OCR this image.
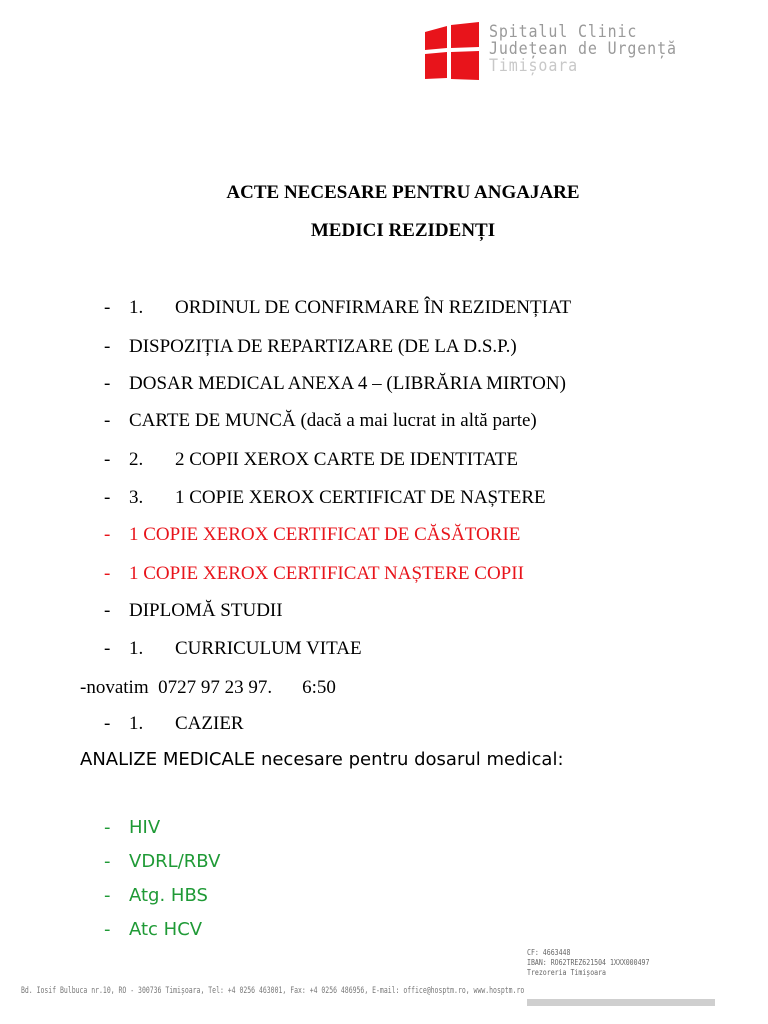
Spitalul Clinic
Județean de Urgență
Timișoara
ACTE NECESARE PENTRU ANGAJARE
MEDICI REZIDENȚI
- 1. ORDINUL DE CONFIRMARE ÎN REZIDENȚIAT
- DISPOZIȚIA DE REPARTIZARE (DE LA D.S.P.)
- DOSAR MEDICAL ANEXA 4 – (LIBRĂRIA MIRTON)
- CARTE DE MUNCĂ (dacă a mai lucrat in altă parte)
- 2. 2 COPII XEROX CARTE DE IDENTITATE
- 3. 1 COPIE XEROX CERTIFICAT DE NAȘTERE
- 1 COPIE XEROX CERTIFICAT DE CĂSĂTORIE
- 1 COPIE XEROX CERTIFICAT NAȘTERE COPII
- DIPLOMĂ STUDII
- 1. CURRICULUM VITAE
-novatim 0727 97 23 97. 6:50
- 1. CAZIER
ANALIZE MEDICALE necesare pentru dosarul medical:
- HIV
- VDRL/RBV
- Atg. HBS
- Atc HCV
CF: 4663448
IBAN: RO62TREZ621504 1XXX000497
Trezoreria Timișoara
Bd. Iosif Bulbuca nr.10, RO - 300736 Timișoara, Tel: +4 0256 463001, Fax: +4 0256 486956, E-mail: office@hosptm.ro, www.hosptm.ro
